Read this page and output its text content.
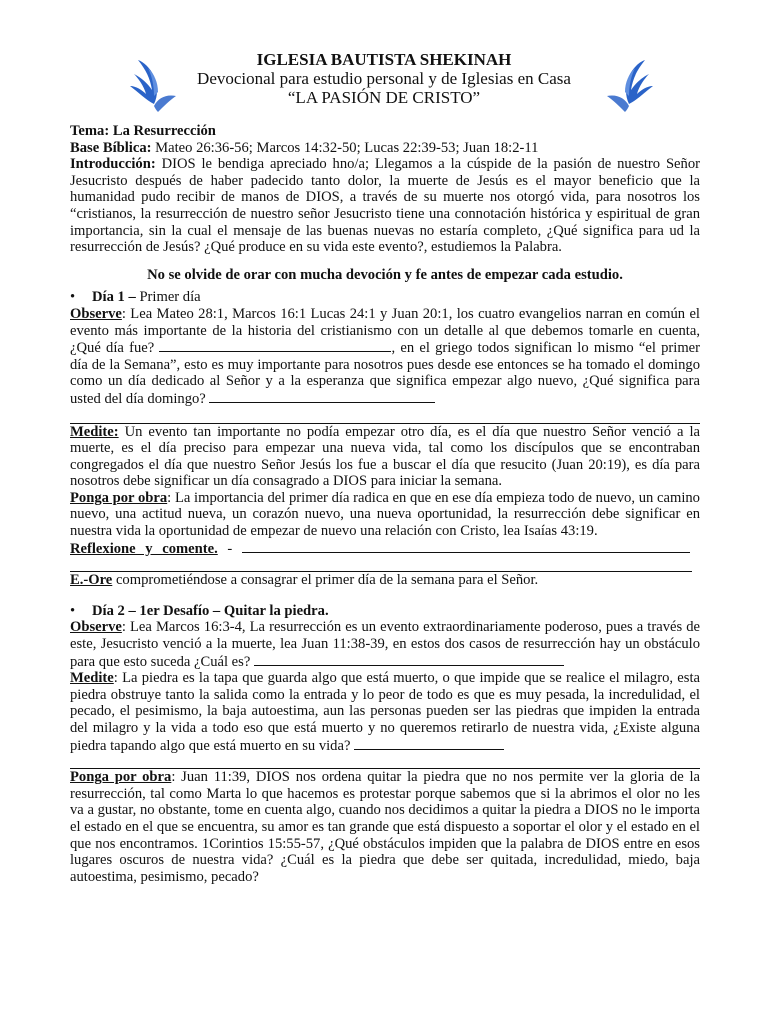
IGLESIA BAUTISTA SHEKINAH
Devocional para estudio personal y de Iglesias en Casa
“LA PASIÓN DE CRISTO”

Tema: La Resurrección

Base Bíblica: Mateo 26:36-56; Marcos 14:32-50; Lucas 22:39-53; Juan 18:2-11

Introducción: DIOS le bendiga apreciado hno/a; Llegamos a la cúspide de la pasión de nuestro Señor Jesucristo después de haber padecido tanto dolor, la muerte de Jesús es el mayor beneficio que la humanidad pudo recibir de manos de DIOS, a través de su muerte nos otorgó vida, para nosotros los “cristianos, la resurrección de nuestro señor Jesucristo tiene una connotación histórica y espiritual de gran importancia, sin la cual el mensaje de las buenas nuevas no estaría completo, ¿Qué significa para ud la resurrección de Jesús? ¿Qué produce en su vida este evento?, estudiemos la Palabra.

No se olvide de orar con mucha devoción y fe antes de empezar cada estudio.

• Día 1 – Primer día

Observe: Lea Mateo 28:1, Marcos 16:1 Lucas 24:1 y Juan 20:1, los cuatro evangelios narran en común el evento más importante de la historia del cristianismo con un detalle al que debemos tomarle en cuenta, ¿Qué día fue?	, en el griego todos significan lo mismo “el primer día de la Semana”, esto es muy importante para nosotros pues desde ese entonces se ha tomado el domingo como un día dedicado al Señor y a la esperanza que significa empezar algo nuevo, ¿Qué significa para usted del día domingo?

Medite: Un evento tan importante no podía empezar otro día, es el día que nuestro Señor venció a la muerte, es el día preciso para empezar una nueva vida, tal como los discípulos que se encontraban congregados el día que nuestro Señor Jesús los fue a buscar el día que resucito (Juan 20:19), es día para nosotros debe significar un día consagrado a DIOS para iniciar la semana.

Ponga por obra: La importancia del primer día radica en que en ese día empieza todo de nuevo, un camino nuevo, una actitud nueva, un corazón nuevo, una nueva oportunidad, la resurrección debe significar en nuestra vida la oportunidad de empezar de nuevo una relación con Cristo, lea Isaías 43:19.

Reflexione y comente. -

E.-Ore comprometiéndose a consagrar el primer día de la semana para el Señor.

• Día 2 – 1er Desafío – Quitar la piedra.

Observe: Lea Marcos 16:3-4, La resurrección es un evento extraordinariamente poderoso, pues a través de este, Jesucristo venció a la muerte, lea Juan 11:38-39, en estos dos casos de resurrección hay un obstáculo para que esto suceda ¿Cuál es?

Medite: La piedra es la tapa que guarda algo que está muerto, o que impide que se realice el milagro, esta piedra obstruye tanto la salida como la entrada y lo peor de todo es que es muy pesada, la incredulidad, el pecado, el pesimismo, la baja autoestima, aun las personas pueden ser las piedras que impiden la entrada del milagro y la vida a todo eso que está muerto y no queremos retirarlo de nuestra vida, ¿Existe alguna piedra tapando algo que está muerto en su vida?

Ponga por obra: Juan 11:39, DIOS nos ordena quitar la piedra que no nos permite ver la gloria de la resurrección, tal como Marta lo que hacemos es protestar porque sabemos que si la abrimos el olor no les va a gustar, no obstante, tome en cuenta algo, cuando nos decidimos a quitar la piedra a DIOS no le importa el estado en el que se encuentra, su amor es tan grande que está dispuesto a soportar el olor y el estado en el que nos encontramos. 1Corintios 15:55-57, ¿Qué obstáculos impiden que la palabra de DIOS entre en esos lugares oscuros de nuestra vida? ¿Cuál es la piedra que debe ser quitada, incredulidad, miedo, baja autoestima, pesimismo, pecado?
